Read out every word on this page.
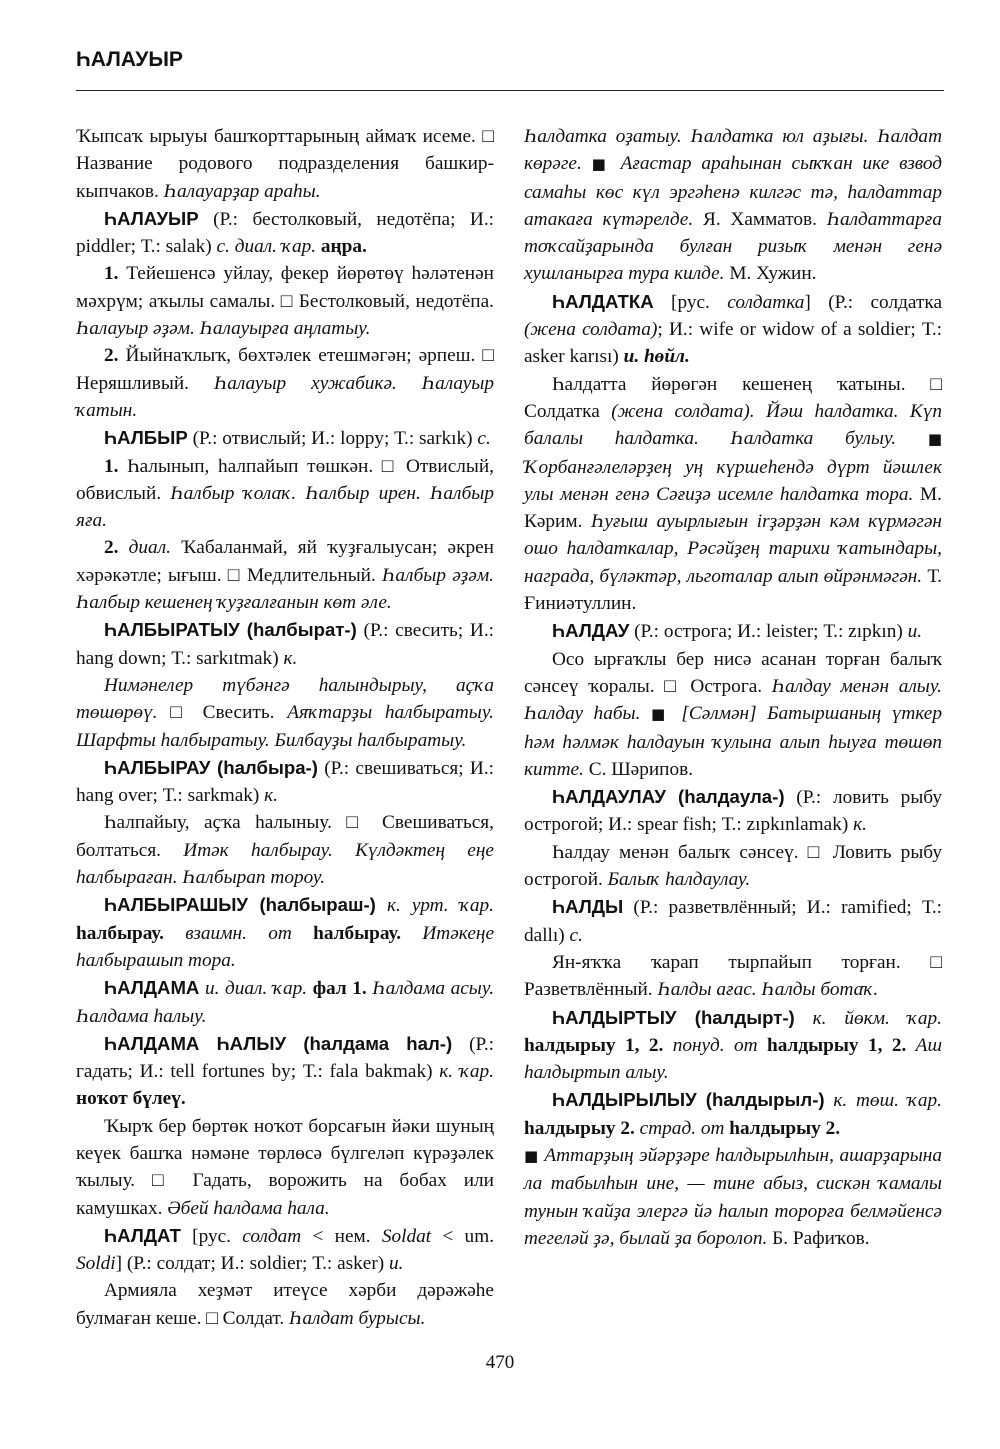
ҺАЛАУЫР

Ҡыпсаҡ ырыуы башҡорттарының аймаҡ исеме. □ Название родового подразделения башкир-кыпчаков. Һалауарҙар араһы.

ҺАЛАУЫР (Р.: бестолковый, недотёпа; И.: piddler; Т.: salak) с. диал. ҡар. аңра.

1. Тейешенсә уйлау, фекер йөрөтөү һәләтенән мәхрүм; аҡылы самалы. □ Бестолковый, недотёпа. Һалауыр әҙәм. Һалауырға аңлатыу.

2. Йыйнаҡлыҡ, бөхтәлек етешмәгән; әрпеш. □ Неряшливый. Һалауыр хужабикә. Һалауыр ҡатын.

ҺАЛБЫР (Р.: отвислый; И.: loppy; Т.: sarkık) с.

1. Һалынып, һалпайып төшкән. □ Отвислый, обвислый. Һалбыр ҡолаҡ. Һалбыр ирен. Һалбыр яға.

2. диал. Ҡабаланмай, яй ҡуҙғалыусан; әкрен хәрәкәтле; ығыш. □ Медлительный. Һалбыр әҙәм. Һалбыр кешенең ҡуҙғалғанын көт әле.

ҺАЛБЫРАТЫУ (һалбырат-) (Р.: свесить; И.: hang down; Т.: sarkıtmak) к.

Нимәнелер түбәнгә һалындырыу, аҫҡа төшөрөү. □ Свесить. Аяҡтарҙы һалбыратыу. Шарфты һалбыратыу. Билбауҙы һалбыратыу.

ҺАЛБЫРАУ (һалбыра-) (Р.: свешиваться; И.: hang over; Т.: sarkmak) к.

Һалпайыу, аҫҡа һалыныу. □ Свешиваться, болтаться. Итәк һалбырау. Күлдәктең еңе һалбыраған. Һалбырап тороу.

ҺАЛБЫРАШЫУ (һалбыраш-) к. урт. ҡар. һалбырау. взаимн. от һалбырау. Итәкеңе һалбырашып тора.

ҺАЛДАМА и. диал. ҡар. фал 1. Һалдама асыу. Һалдама һалыу.

ҺАЛДАМА ҺАЛЫУ (һалдама һал-) (Р.: гадать; И.: tell fortunes by; Т.: fala bakmak) к. ҡар. ноҡот бүлеү.

Ҡырҡ бер бөртөк ноҡот борсағын йәки шуның кеүек башҡа нәмәне төрлөсә бүлгеләп күрәҙәлек ҡылыу. □ Гадать, ворожить на бобах или камушках. Әбей һалдама һала.

ҺАЛДАТ [рус. солдат < нем. Soldat < um. Soldi] (Р.: солдат; И.: soldier; Т.: asker) и.

Армияла хеҙмәт итеүсе хәрби дәрәжәһе булмаған кеше. □ Солдат. Һалдат бурысы.

Һалдатка оҙатыу. Һалдатка юл аҙығы. Һалдат көрәге. ■ Ағастар араһынан сыҡҡан ике взвод самаһы көс күл эргәһенә килгәс тә, һалдаттар атакаға күтәрелде. Я. Хамматов. Һалдаттарға тоҡсайҙарында булған ризыҡ менән генә хушланырға тура килде. М. Хужин.

ҺАЛДАТКА [рус. солдатка] (Р.: солдатка (жена солдата); И.: wife or widow of a soldier; Т.: asker karısı) и. һөйл.

Һалдатта йөрөгән кешенең ҡатыны. □ Солдатка (жена солдата). Йәш һалдатка. Күп балалы һалдатка. Һалдатка булыу. ■ Ҡорбанғәлеләрҙең уң күршеһендә дүрт йәшлек улы менән генә Сәғиҙә исемле һалдатка тора. М. Кәрим. Һуғыш ауырлығын irҙәрҙән кәм күрмәгән ошо һалдаткалар, Рәсәйҙең тарихи ҡатындары, награда, бүләктәр, льготалар алып өйрәнмәгән. Т. Ғиниәтуллин.

ҺАЛДАУ (Р.: острога; И.: leister; Т.: zıpkın) и.

Осо ырғаҡлы бер нисә асанан торған балыҡ сәнсеү ҡоралы. □ Острога. Һалдау менән алыу. Һалдау һабы. ■ [Сәлмән] Батыршаның үткер һәм һәлмәк һалдауын ҡулына алып һыуға төшөп китте. С. Шәрипов.

ҺАЛДАУЛАУ (һалдаула-) (Р.: ловить рыбу острогой; И.: spear fish; Т.: zıpkınlamak) к.

Һалдау менән балыҡ сәнсеү. □ Ловить рыбу острогой. Балыҡ һалдаулау.

ҺАЛДЫ (Р.: разветвлённый; И.: ramified; Т.: dallı) с.

Ян-яҡҡа ҡарап тырпайып торған. □ Разветвлённый. Һалды ағас. Һалды ботаҡ.

ҺАЛДЫРТЫУ (һалдырт-) к. йөкм. ҡар. һалдырыу 1, 2. понуд. от һалдырыу 1, 2. Аш һалдыртып алыу.

ҺАЛДЫРЫЛЫУ (һалдырыл-) к. төш. ҡар. һалдырыу 2. страд. от һалдырыу 2.

■ Аттарҙың эйәрҙәре һалдырылһын, ашарҙарына ла табылһын ине, — тине абыз, сискән ҡамалы тунын ҡайҙа элергә йә һалып торорға белмәйенсә тегеләй ҙә, былай ҙа боролоп. Б. Рафиҡов.

470
